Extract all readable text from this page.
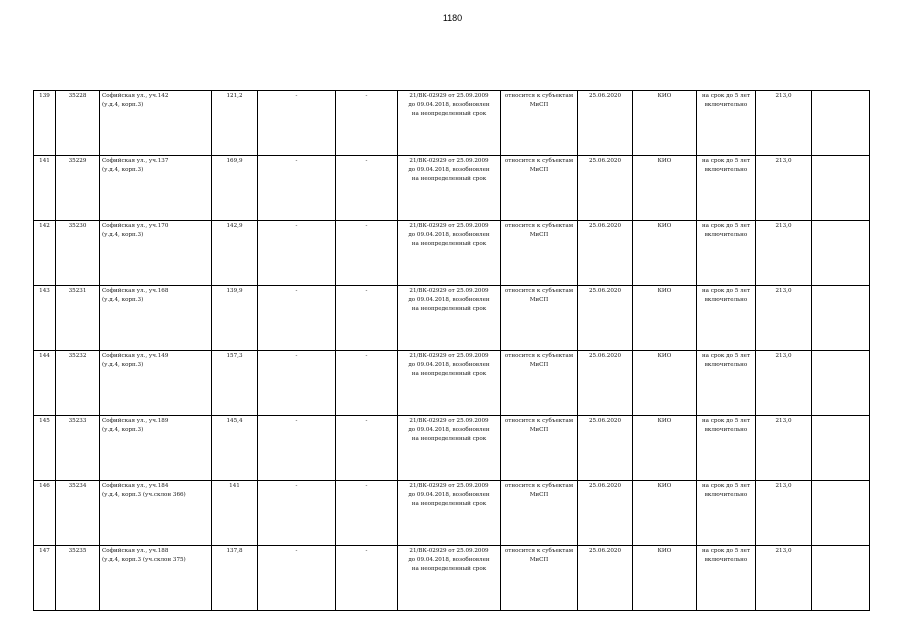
1180
139	35228	Софийская ул., уч.142
(у.д.4, корп.3)	121,2	-	-	21/ВК-02929 от 25.09.2009
до 09.04.2018, возобновлен
на неопределенный срок	относится к субъектам
МиСП	25.06.2020	КИО	на срок до 5 лет
включительно	213,0	
141	35229	Софийская ул., уч.137
(у.д.4, корп.3)	169,9	-	-	21/ВК-02929 от 25.09.2009
до 09.04.2018, возобновлен
на неопределенный срок	относится к субъектам
МиСП	25.06.2020	КИО	на срок до 5 лет
включительно	213,0	
142	35230	Софийская ул., уч.170
(у.д.4, корп.3)	142,9	-	-	21/ВК-02929 от 25.09.2009
до 09.04.2018, возобновлен
на неопределенный срок	относится к субъектам
МиСП	25.06.2020	КИО	на срок до 5 лет
включительно	213,0	
143	35231	Софийская ул., уч.168
(у.д.4, корп.3)	139,9	-	-	21/ВК-02929 от 25.09.2009
до 09.04.2018, возобновлен
на неопределенный срок	относится к субъектам
МиСП	25.06.2020	КИО	на срок до 5 лет
включительно	213,0	
144	35232	Софийская ул., уч.149
(у.д.4, корп.3)	157,3	-	-	21/ВК-02929 от 25.09.2009
до 09.04.2018, возобновлен
на неопределенный срок	относится к субъектам
МиСП	25.06.2020	КИО	на срок до 5 лет
включительно	213,0	
145	35233	Софийская ул., уч.189
(у.д.4, корп.3)	145,4	-	-	21/ВК-02929 от 25.09.2009
до 09.04.2018, возобновлен
на неопределенный срок	относится к субъектам
МиСП	25.06.2020	КИО	на срок до 5 лет
включительно	213,0	
146	35234	Софийская ул., уч.184
(у.д.4, корп.3 (уч.склон 366)	141	-	-	21/ВК-02929 от 25.09.2009
до 09.04.2018, возобновлен
на неопределенный срок	относится к субъектам
МиСП	25.06.2020	КИО	на срок до 5 лет
включительно	213,0	
147	35235	Софийская ул., уч.188
(у.д.4, корп.3 (уч.склон 375)	137,8	-	-	21/ВК-02929 от 25.09.2009
до 09.04.2018, возобновлен
на неопределенный срок	относится к субъектам
МиСП	25.06.2020	КИО	на срок до 5 лет
включительно	213,0	
